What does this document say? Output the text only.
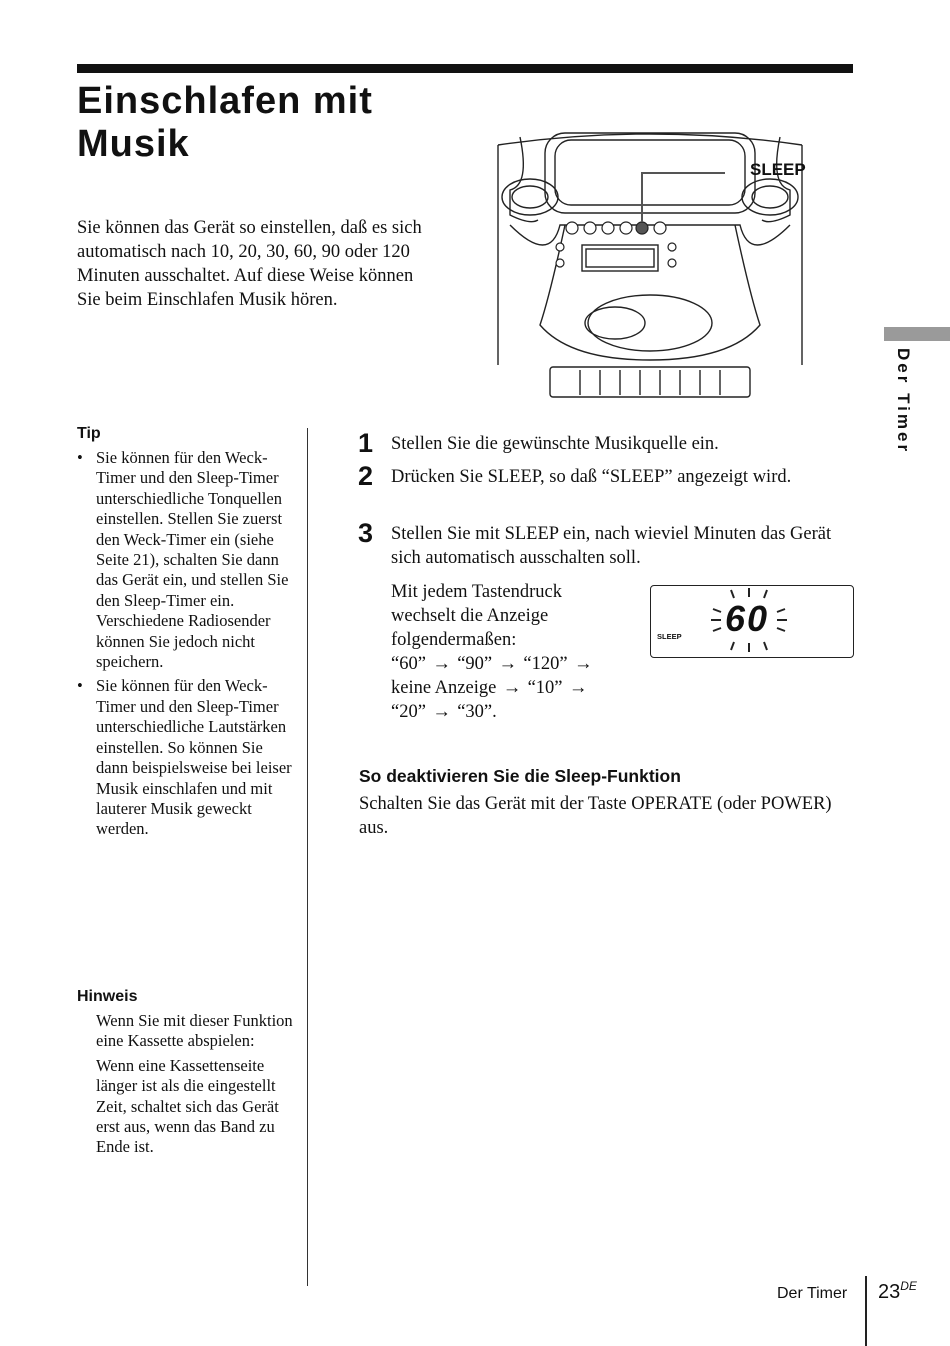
Einschlafen mit Musik
Sie können das Gerät so einstellen, daß es sich automatisch nach 10, 20, 30, 60, 90 oder 120 Minuten ausschaltet. Auf diese Weise können Sie beim Einschlafen Musik hören.
SLEEP
Der Timer
Tip
• Sie können für den Weck-Timer und den Sleep-Timer unterschiedliche Tonquellen einstellen. Stellen Sie zuerst den Weck-Timer ein (siehe Seite 21), schalten Sie dann das Gerät ein, und stellen Sie den Sleep-Timer ein. Verschiedene Radiosender können Sie jedoch nicht speichern.
• Sie können für den Weck-Timer und den Sleep-Timer unterschiedliche Lautstärken einstellen. So können Sie dann beispielsweise bei leiser Musik einschlafen und mit lauterer Musik geweckt werden.
Hinweis

Wenn Sie mit dieser Funktion eine Kassette abspielen:

Wenn eine Kassettenseite länger ist als die eingestellt Zeit, schaltet sich das Gerät erst aus, wenn das Band zu Ende ist.

1 Stellen Sie die gewünschte Musikquelle ein.
2 Drücken Sie SLEEP, so daß “SLEEP” angezeigt wird.
3 Stellen Sie mit SLEEP ein, nach wieviel Minuten das Gerät sich automatisch ausschalten soll.
Mit jedem Tastendruck wechselt die Anzeige folgendermaßen:
“60” → “90” → “120” →
keine Anzeige → “10” →
“20” → “30”.
SLEEP 60
So deaktivieren Sie die Sleep-Funktion
Schalten Sie das Gerät mit der Taste OPERATE (oder POWER) aus.
Der Timer 23DE
